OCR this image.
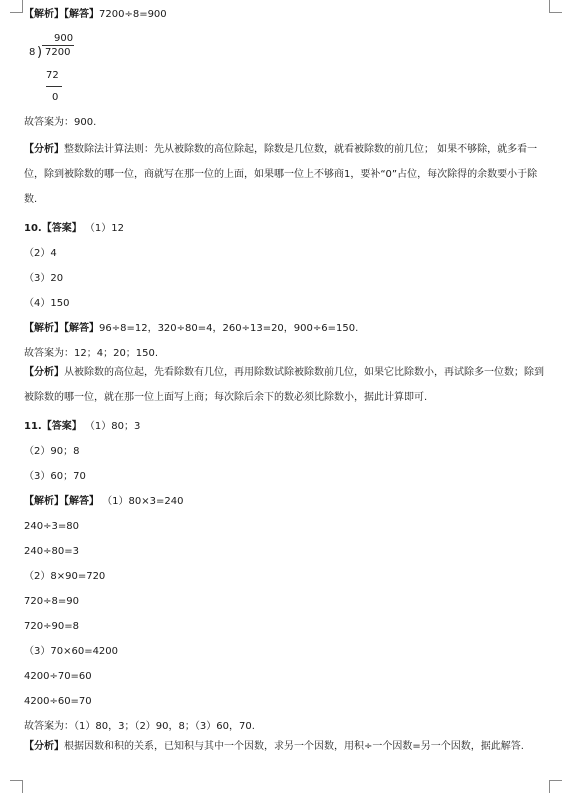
900
8 ) 7200
72
0
【解析】【解答】7200÷8=900
故答案为：900.
【分析】整数除法计算法则：先从被除数的高位除起，除数是几位数，就看被除数的前几位； 如果不够除，就多看一位，除到被除数的哪一位，商就写在那一位的上面，如果哪一位上不够商1，要补“0”占位，每次除得的余数要小于除数.
10.【答案】 （1）12
（2）4
（3）20
（4）150
【解析】【解答】96÷8=12，320÷80=4，260÷13=20，900÷6=150.
故答案为：12；4；20；150.
【分析】从被除数的高位起，先看除数有几位，再用除数试除被除数前几位，如果它比除数小，再试除多一位数；除到被除数的哪一位，就在那一位上面写上商；每次除后余下的数必须比除数小，据此计算即可.
11.【答案】 （1）80；3
（2）90；8
（3）60；70
【解析】【解答】 （1）80×3=240
240÷3=80
240÷80=3
（2）8×90=720
720÷8=90
720÷90=8
（3）70×60=4200
4200÷70=60
4200÷60=70
故答案为：（1）80，3；（2）90，8；（3）60，70.
【分析】根据因数和积的关系，已知积与其中一个因数，求另一个因数，用积÷一个因数=另一个因数，据此解答.
